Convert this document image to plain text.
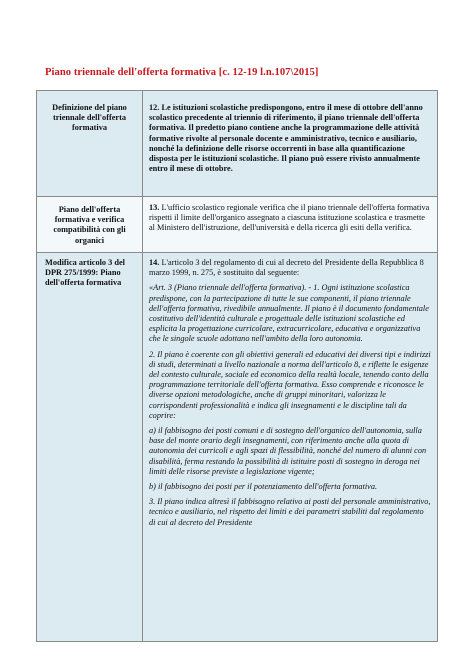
Piano triennale dell'offerta formativa [c. 12-19 l.n.107\2015]
Definizione del piano triennale dell'offerta formativa
12. Le istituzioni scolastiche predispongono, entro il mese di ottobre dell'anno scolastico precedente al triennio di riferimento, il piano triennale dell'offerta formativa. Il predetto piano contiene anche la programmazione delle attività formative rivolte al personale docente e amministrativo, tecnico e ausiliario, nonché la definizione delle risorse occorrenti in base alla quantificazione disposta per le istituzioni scolastiche. Il piano può essere rivisto annualmente entro il mese di ottobre.
Piano dell'offerta formativa e verifica compatibilità con gli organici
13. L'ufficio scolastico regionale verifica che il piano triennale dell'offerta formativa rispetti il limite dell'organico assegnato a ciascuna istituzione scolastica e trasmette al Ministero dell'istruzione, dell'università e della ricerca gli esiti della verifica.
Modifica articolo 3 del DPR 275/1999: Piano dell'offerta formativa

14. L'articolo 3 del regolamento di cui al decreto del Presidente della Repubblica 8 marzo 1999, n. 275, è sostituito dal seguente:

«Art. 3 (Piano triennale dell'offerta formativa). - 1. Ogni istituzione scolastica predispone, con la partecipazione di tutte le sue componenti, il piano triennale dell'offerta formativa, rivedibile annualmente. Il piano è il documento fondamentale costitutivo dell'identità culturale e progettuale delle istituzioni scolastiche ed esplicita la progettazione curricolare, extracurricolare, educativa e organizzativa che le singole scuole adottano nell'ambito della loro autonomia.

2. Il piano è coerente con gli obiettivi generali ed educativi dei diversi tipi e indirizzi di studi, determinati a livello nazionale a norma dell'articolo 8, e riflette le esigenze del contesto culturale, sociale ed economico della realtà locale, tenendo conto della programmazione territoriale dell'offerta formativa. Esso comprende e riconosce le diverse opzioni metodologiche, anche di gruppi minoritari, valorizza le corrispondenti professionalità e indica gli insegnamenti e le discipline tali da coprire:

a) il fabbisogno dei posti comuni e di sostegno dell'organico dell'autonomia, sulla base del monte orario degli insegnamenti, con riferimento anche alla quota di autonomia dei curricoli e agli spazi di flessibilità, nonché del numero di alunni con disabilità, ferma restando la possibilità di istituire posti di sostegno in deroga nei limiti delle risorse previste a legislazione vigente;

b) il fabbisogno dei posti per il potenziamento dell'offerta formativa.

3. Il piano indica altresì il fabbisogno relativo ai posti del personale amministrativo, tecnico e ausiliario, nel rispetto dei limiti e dei parametri stabiliti dal regolamento di cui al decreto del Presidente
